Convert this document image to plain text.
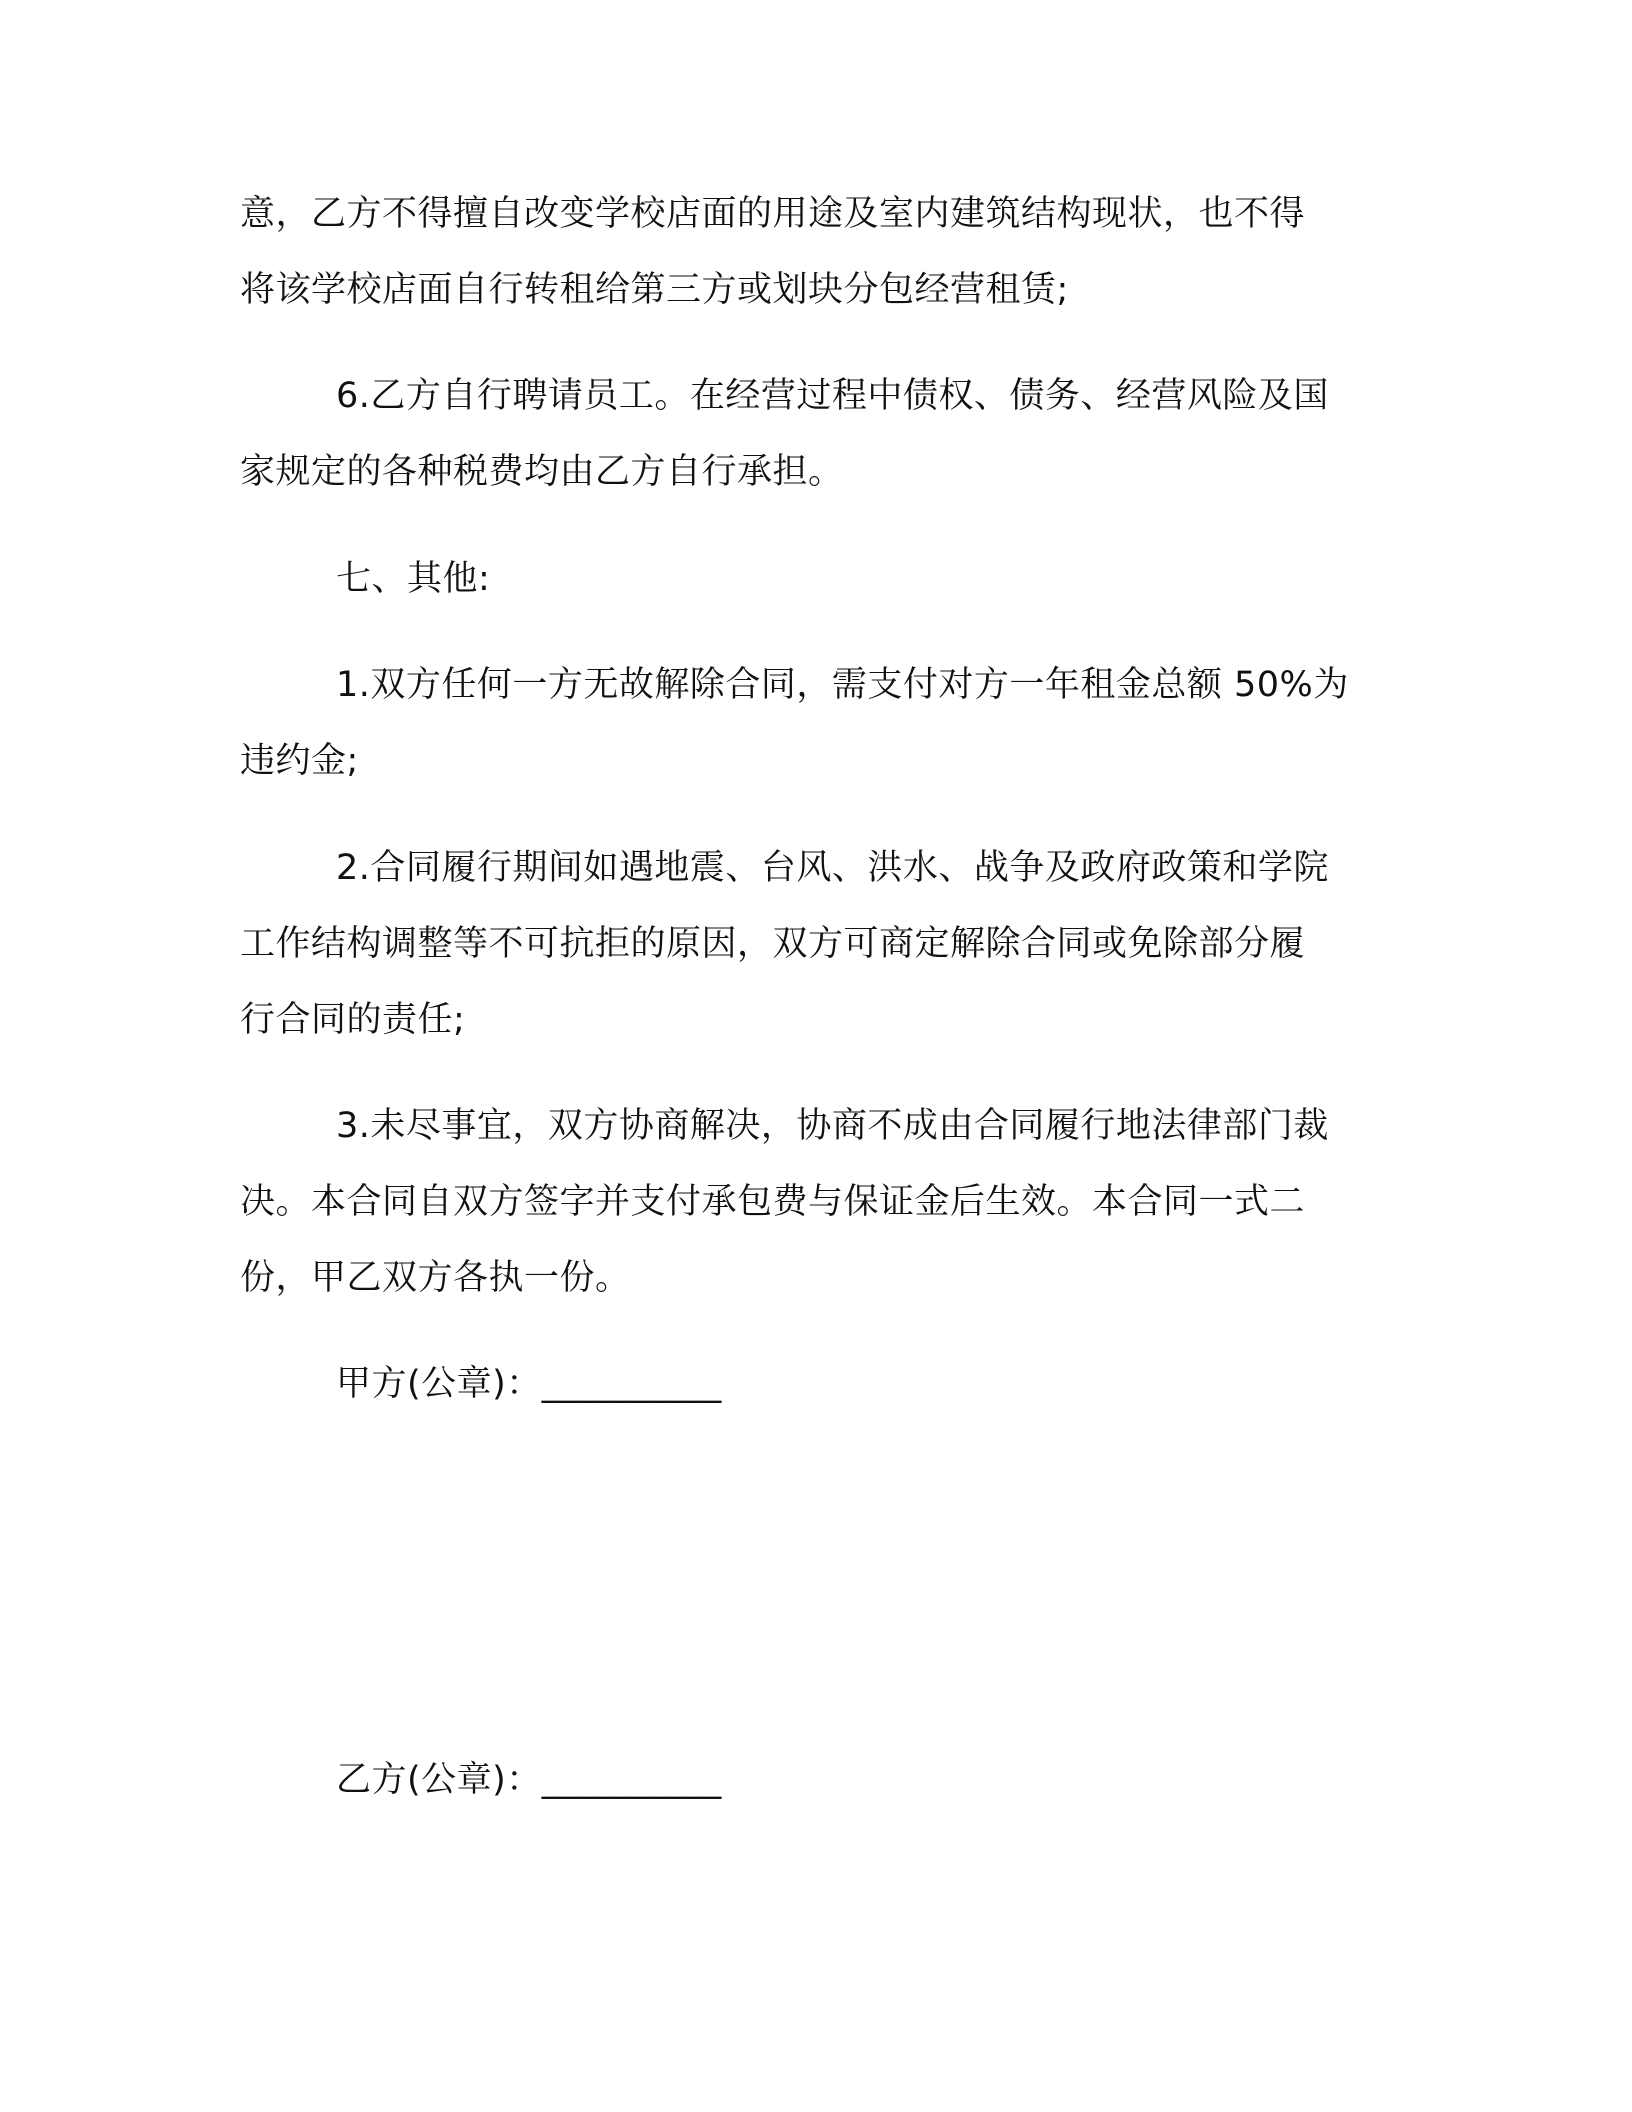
意，乙方不得擅自改变学校店面的用途及室内建筑结构现状，也不得
将该学校店面自行转租给第三方或划块分包经营租赁;
6.乙方自行聘请员工。在经营过程中债权、债务、经营风险及国
家规定的各种税费均由乙方自行承担。
七、其他:
1.双方任何一方无故解除合同，需支付对方一年租金总额 50%为
违约金;
2.合同履行期间如遇地震、台风、洪水、战争及政府政策和学院
工作结构调整等不可抗拒的原因，双方可商定解除合同或免除部分履
行合同的责任;
3.未尽事宜，双方协商解决，协商不成由合同履行地法律部门裁
决。本合同自双方签字并支付承包费与保证金后生效。本合同一式二
份，甲乙双方各执一份。
甲方(公章)：__________
乙方(公章)：__________
